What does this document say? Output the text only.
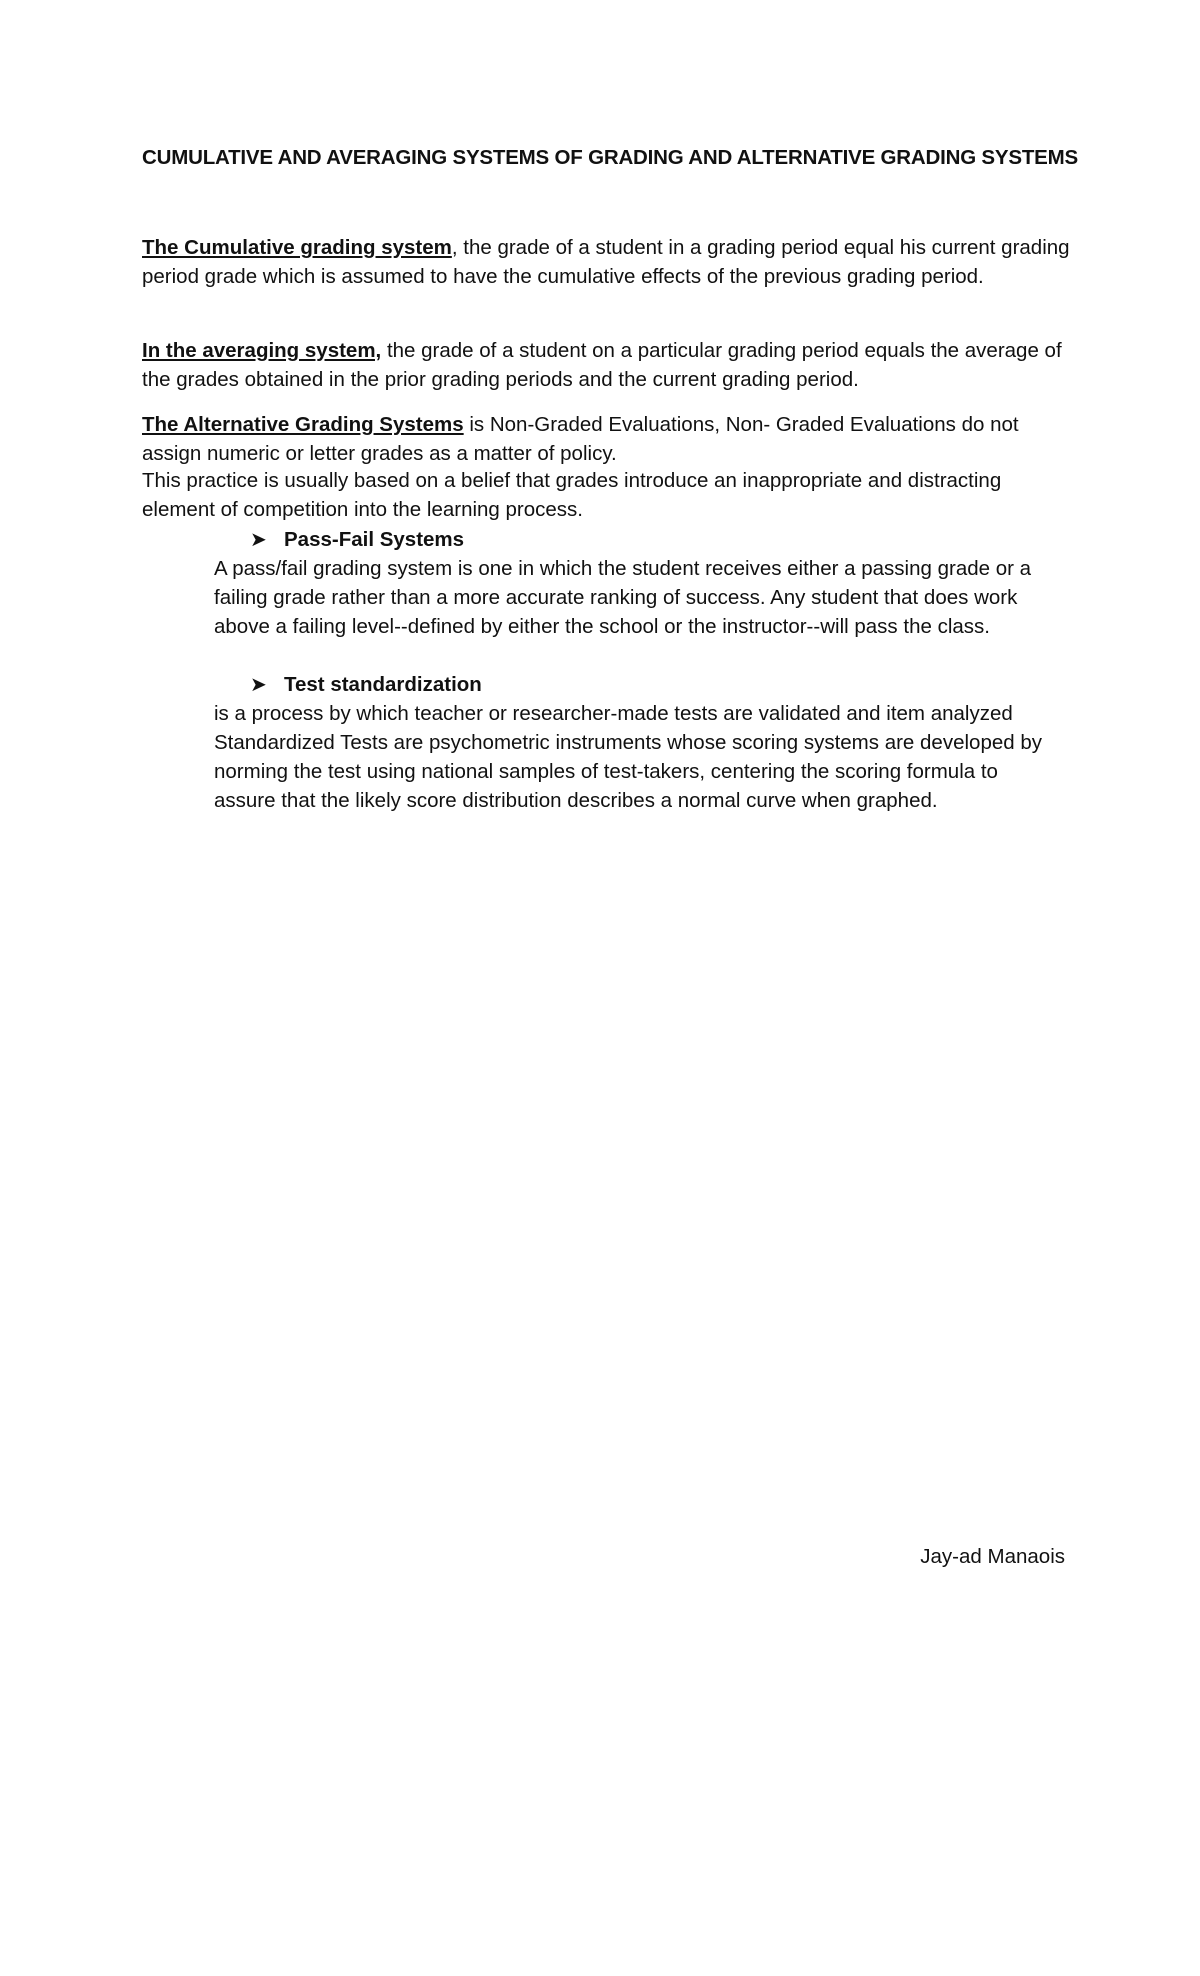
CUMULATIVE AND AVERAGING SYSTEMS OF GRADING AND ALTERNATIVE GRADING SYSTEMS

The Cumulative grading system, the grade of a student in a grading period equal his current grading period grade which is assumed to have the cumulative effects of the previous grading period.

In the averaging system, the grade of a student on a particular grading period equals the average of the grades obtained in the prior grading periods and the current grading period.

The Alternative Grading Systems is Non-Graded Evaluations, Non- Graded Evaluations do not assign numeric or letter grades as a matter of policy.

This practice is usually based on a belief that grades introduce an inappropriate and distracting element of competition into the learning process.

➤ Pass-Fail Systems

A pass/fail grading system is one in which the student receives either a passing grade or a failing grade rather than a more accurate ranking of success. Any student that does work above a failing level--defined by either the school or the instructor--will pass the class.

➤ Test standardization

is a process by which teacher or researcher-made tests are validated and item analyzed Standardized Tests are psychometric instruments whose scoring systems are developed by norming the test using national samples of test-takers, centering the scoring formula to assure that the likely score distribution describes a normal curve when graphed.

Jay-ad Manaois
